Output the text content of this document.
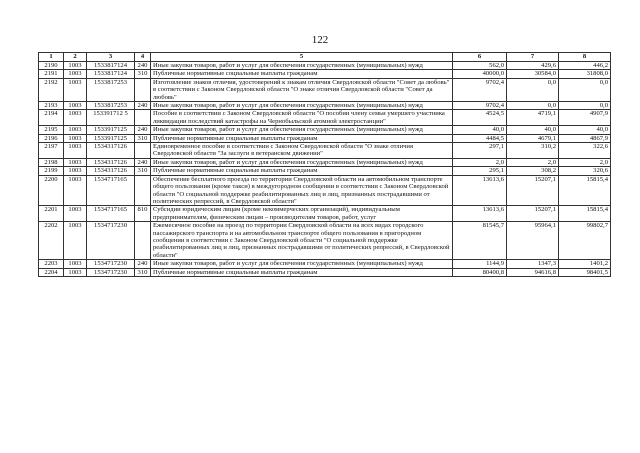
122
1	2	3	4	5	6	7	8
2190	1003	1533817124	240	Иные закупки товаров, работ и услуг для обеспечения государственных (муниципальных) нужд	562,0	429,6	446,2
2191	1003	1533817124	310	Публичные нормативные социальные выплаты гражданам	40000,0	30584,0	31808,0
2192	1003	1533817253		Изготовление знаков отличия, удостоверений к знакам отличия Свердловской области "Совет да любовь" в соответствии с Законом Свердловской области "О знаке отличия Свердловской области "Совет да любовь"	9702,4	0,0	0,0
2193	1003	1533817253	240	Иные закупки товаров, работ и услуг для обеспечения государственных (муниципальных) нужд	9702,4	0,0	0,0
2194	1003	153391712 5		Пособие в соответствии с Законом Свердловской области "О пособии члену семьи умершего участника ликвидации последствий катастрофы на Чернобыльской атомной электростанции"	4524,5	4719,1	4907,9
2195	1003	1533917125	240	Иные закупки товаров, работ и услуг для обеспечения государственных (муниципальных) нужд	40,0	40,0	40,0
2196	1003	1533917125	310	Публичные нормативные социальные выплаты гражданам	4484,5	4679,1	4867,9
2197	1003	1534317126		Единовременное пособие в соответствии с Законом Свердловской области "О знаке отличия Свердловской области "За заслуги в ветеранском движении"	297,1	310,2	322,6
2198	1003	1534317126	240	Иные закупки товаров, работ и услуг для обеспечения государственных (муниципальных) нужд	2,0	2,0	2,0
2199	1003	1534317126	310	Публичные нормативные социальные выплаты гражданам	295,1	308,2	320,6
2200	1003	1534717165		Обеспечение бесплатного проезда по территории Свердловской области на автомобильном транспорте общего пользования (кроме такси) в междугородном сообщении в соответствии с Законом Свердловской области "О социальной поддержке реабилитированных лиц и лиц, признанных пострадавшими от политических репрессий, в Свердловской области"	13613,6	15207,1	15815,4
2201	1003	1534717165	810	Субсидии юридическим лицам (кроме некоммерческих организаций), индивидуальным предпринимателям, физическим лицам – производителям товаров, работ, услуг	13613,6	15207,1	15815,4
2202	1003	1534717230		Ежемесячное пособие на проезд по территории Свердловской области на всех видах городского пассажирского транспорта и на автомобильном транспорте общего пользования в пригородном сообщении в соответствии с Законом Свердловской области "О социальной поддержке реабилитированных лиц и лиц, признанных пострадавшими от политических репрессий, в Свердловской области"	81545,7	95964,1	99802,7
2203	1003	1534717230	240	Иные закупки товаров, работ и услуг для обеспечения государственных (муниципальных) нужд	1144,9	1347,3	1401,2
2204	1003	1534717230	310	Публичные нормативные социальные выплаты гражданам	80400,8	94616,8	98401,5
